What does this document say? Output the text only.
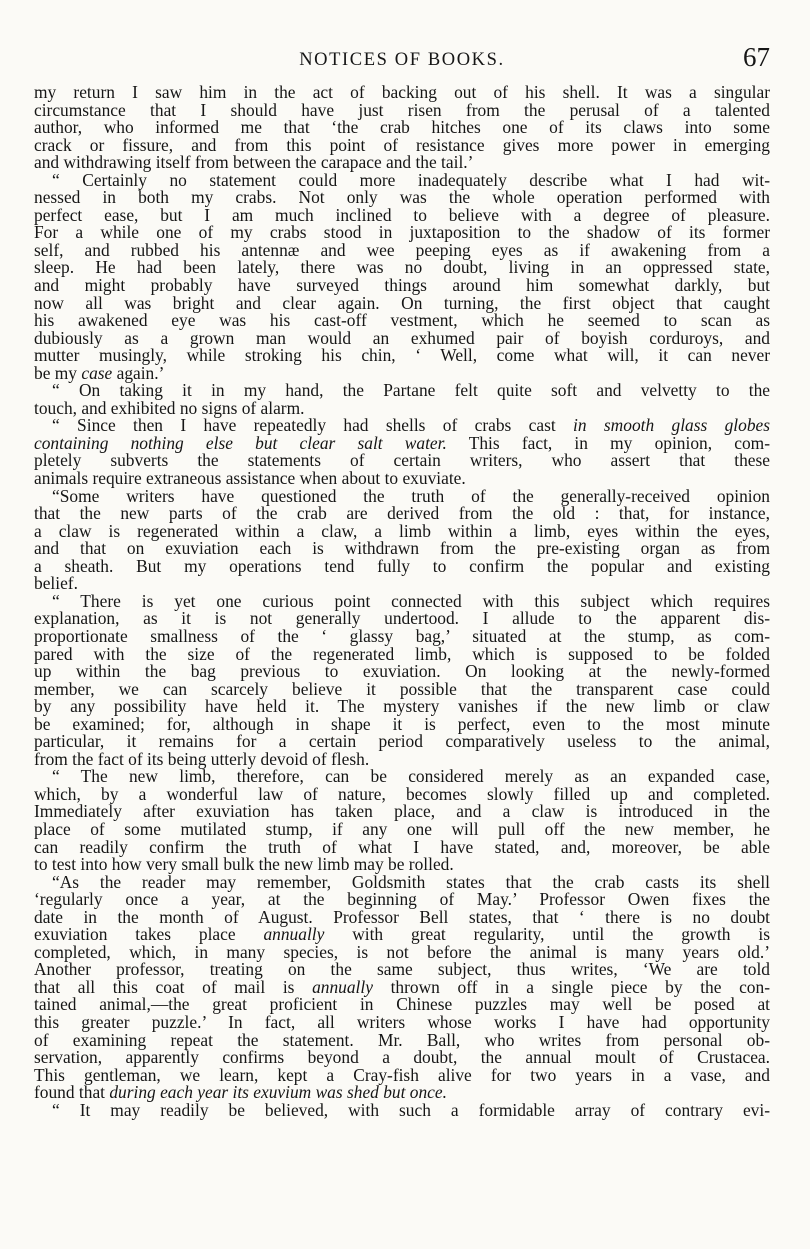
NOTICES OF BOOKS.	67
my return I saw him in the act of backing out of his shell. It was a singular
circumstance that I should have just risen from the perusal of a talented
author, who informed me that ‘the crab hitches one of its claws into some
crack or fissure, and from this point of resistance gives more power in emerging
and withdrawing itself from between the carapace and the tail.’
“ Certainly no statement could more inadequately describe what I had wit-
nessed in both my crabs. Not only was the whole operation performed with
perfect ease, but I am much inclined to believe with a degree of pleasure.
For a while one of my crabs stood in juxtaposition to the shadow of its former
self, and rubbed his antennæ and wee peeping eyes as if awakening from a
sleep. He had been lately, there was no doubt, living in an oppressed state,
and might probably have surveyed things around him somewhat darkly, but
now all was bright and clear again. On turning, the first object that caught
his awakened eye was his cast-off vestment, which he seemed to scan as
dubiously as a grown man would an exhumed pair of boyish corduroys, and
mutter musingly, while stroking his chin, ‘ Well, come what will, it can never
be my case again.’
“ On taking it in my hand, the Partane felt quite soft and velvetty to the
touch, and exhibited no signs of alarm.
“ Since then I have repeatedly had shells of crabs cast in smooth glass globes
containing nothing else but clear salt water. This fact, in my opinion, com-
pletely subverts the statements of certain writers, who assert that these
animals require extraneous assistance when about to exuviate.
“Some writers have questioned the truth of the generally-received opinion
that the new parts of the crab are derived from the old : that, for instance,
a claw is regenerated within a claw, a limb within a limb, eyes within the eyes,
and that on exuviation each is withdrawn from the pre-existing organ as from
a sheath. But my operations tend fully to confirm the popular and existing
belief.
“ There is yet one curious point connected with this subject which requires
explanation, as it is not generally undertood. I allude to the apparent dis-
proportionate smallness of the ‘ glassy bag,’ situated at the stump, as com-
pared with the size of the regenerated limb, which is supposed to be folded
up within the bag previous to exuviation. On looking at the newly-formed
member, we can scarcely believe it possible that the transparent case could
by any possibility have held it. The mystery vanishes if the new limb or claw
be examined; for, although in shape it is perfect, even to the most minute
particular, it remains for a certain period comparatively useless to the animal,
from the fact of its being utterly devoid of flesh.
“ The new limb, therefore, can be considered merely as an expanded case,
which, by a wonderful law of nature, becomes slowly filled up and completed.
Immediately after exuviation has taken place, and a claw is introduced in the
place of some mutilated stump, if any one will pull off the new member, he
can readily confirm the truth of what I have stated, and, moreover, be able
to test into how very small bulk the new limb may be rolled.
“As the reader may remember, Goldsmith states that the crab casts its shell
‘regularly once a year, at the beginning of May.’ Professor Owen fixes the
date in the month of August. Professor Bell states, that ‘ there is no doubt
exuviation takes place annually with great regularity, until the growth is
completed, which, in many species, is not before the animal is many years old.’
Another professor, treating on the same subject, thus writes, ‘We are told
that all this coat of mail is annually thrown off in a single piece by the con-
tained animal,—the great proficient in Chinese puzzles may well be posed at
this greater puzzle.’ In fact, all writers whose works I have had opportunity
of examining repeat the statement. Mr. Ball, who writes from personal ob-
servation, apparently confirms beyond a doubt, the annual moult of Crustacea.
This gentleman, we learn, kept a Cray-fish alive for two years in a vase, and
found that during each year its exuvium was shed but once.
“ It may readily be believed, with such a formidable array of contrary evi-
